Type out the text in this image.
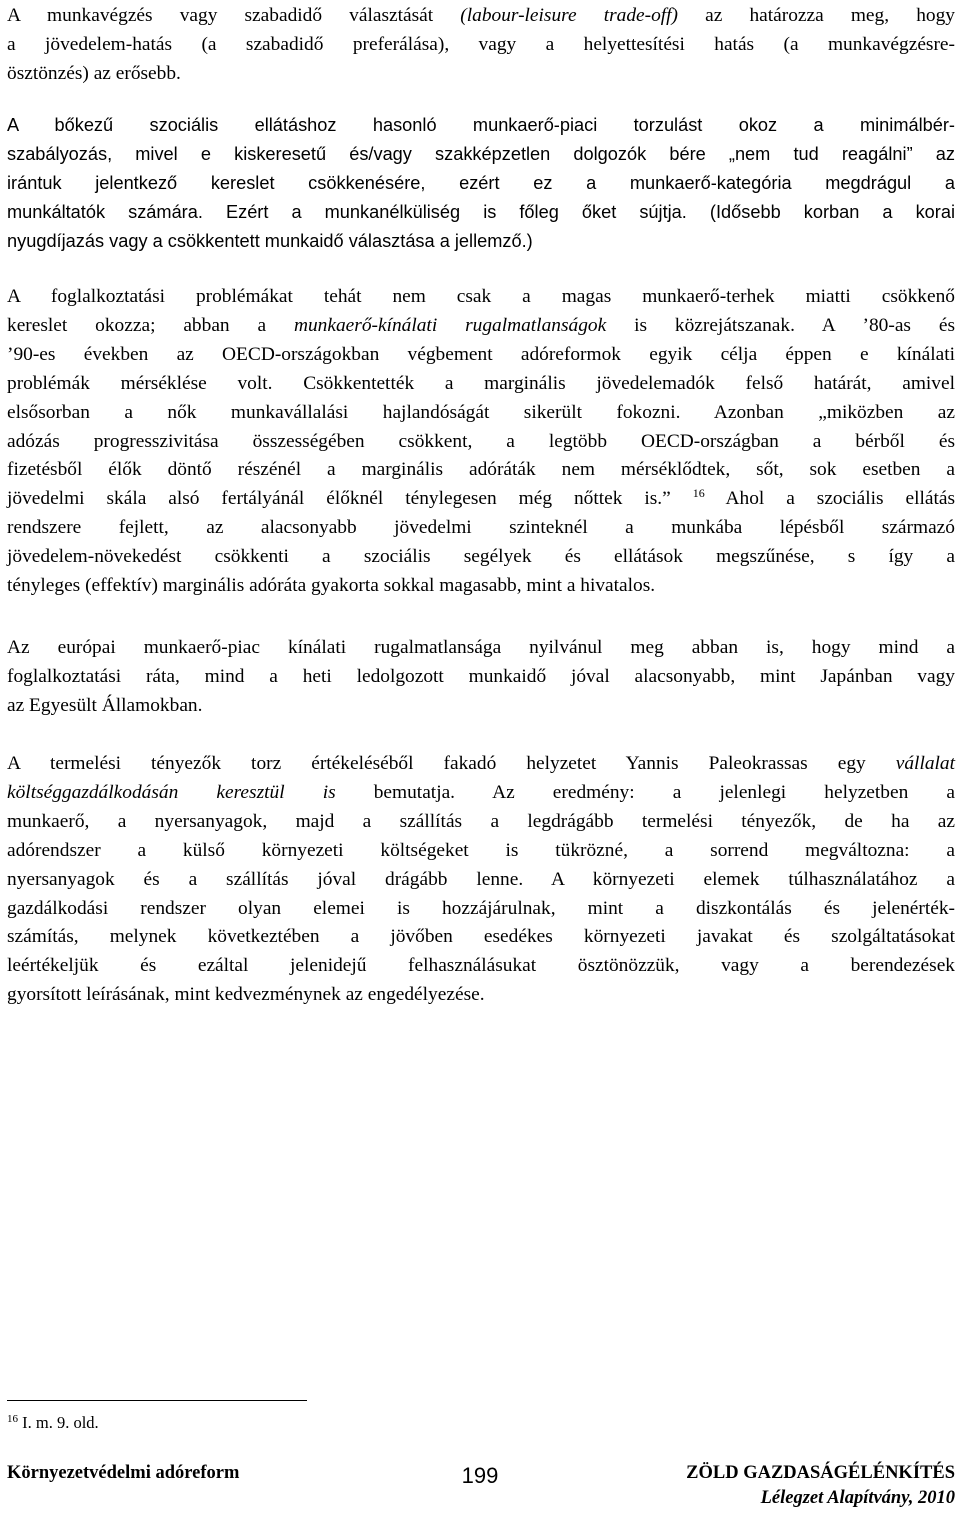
A munkavégzés vagy szabadidő választását (labour-leisure trade-off) az határozza meg, hogy
a jövedelem-hatás (a szabadidő preferálása), vagy a helyettesítési hatás (a munkavégzésre-
ösztönzés) az erősebb.

A bőkezű szociális ellátáshoz hasonló munkaerő-piaci torzulást okoz a minimálbér-
szabályozás, mivel e kiskeresetű és/vagy szakképzetlen dolgozók bére „nem tud reagálni” az
irántuk jelentkező kereslet csökkenésére, ezért ez a munkaerő-kategória megdrágul a
munkáltatók számára. Ezért a munkanélküliség is főleg őket sújtja. (Idősebb korban a korai
nyugdíjazás vagy a csökkentett munkaidő választása a jellemző.)

A foglalkoztatási problémákat tehát nem csak a magas munkaerő-terhek miatti csökkenő
kereslet okozza; abban a munkaerő-kínálati rugalmatlanságok is közrejátszanak. A ’80-as és
’90-es években az OECD-országokban végbement adóreformok egyik célja éppen e kínálati
problémák mérséklése volt. Csökkentették a marginális jövedelemadók felső határát, amivel
elsősorban a nők munkavállalási hajlandóságát sikerült fokozni. Azonban „miközben az
adózás progresszivitása összességében csökkent, a legtöbb OECD-országban a bérből és
fizetésből élők döntő részénél a marginális adóráták nem mérséklődtek, sőt, sok esetben a
jövedelmi skála alsó fertályánál élőknél ténylegesen még nőttek is.” $^{16}$ Ahol a szociális ellátás
rendszere fejlett, az alacsonyabb jövedelmi szinteknél a munkába lépésből származó
jövedelem-növekedést csökkenti a szociális segélyek és ellátások megszűnése, s így a
tényleges (effektív) marginális adóráta gyakorta sokkal magasabb, mint a hivatalos.

Az európai munkaerő-piac kínálati rugalmatlansága nyilvánul meg abban is, hogy mind a
foglalkoztatási ráta, mind a heti ledolgozott munkaidő jóval alacsonyabb, mint Japánban vagy
az Egyesült Államokban.

A termelési tényezők torz értékeléséből fakadó helyzetet Yannis Paleokrassas egy vállalat
költséggazdálkodásán keresztül is bemutatja. Az eredmény: a jelenlegi helyzetben a
munkaerő, a nyersanyagok, majd a szállítás a legdrágább termelési tényezők, de ha az
adórendszer a külső környezeti költségeket is tükrözné, a sorrend megváltozna: a
nyersanyagok és a szállítás jóval drágább lenne. A környezeti elemek túlhasználatához a
gazdálkodási rendszer olyan elemei is hozzájárulnak, mint a diszkontálás és jelenérték-
számítás, melynek következtében a jövőben esedékes környezeti javakat és szolgáltatásokat
leértékeljük és ezáltal jelenidejű felhasználásukat ösztönözzük, vagy a berendezések
gyorsított leírásának, mint kedvezménynek az engedélyezése.

$^{16}$ I. m. 9. old.
Környezetvédelmi adóreform	199	ZÖLD GAZDASÁGÉLÉNKÍTÉS
Lélegzet Alapítvány, 2010
